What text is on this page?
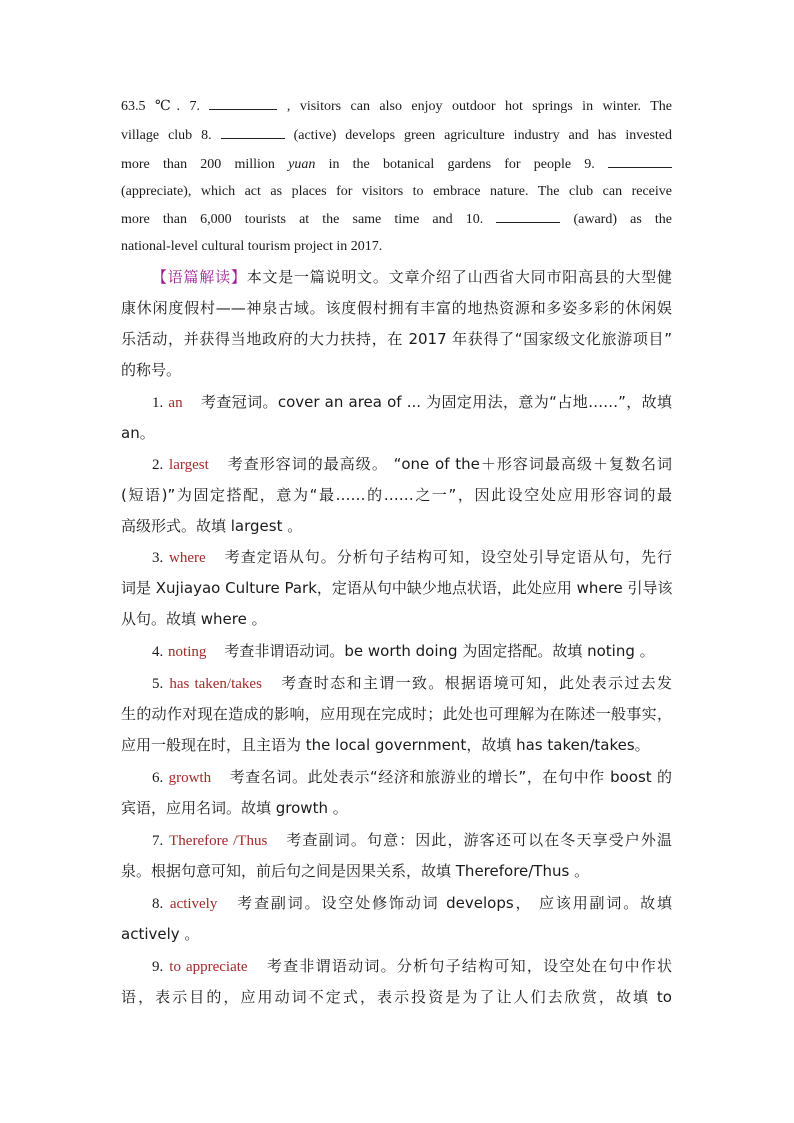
63.5 ℃. 7.	, visitors can also enjoy outdoor hot springs in winter. The
village club 8.	(active) develops green agriculture industry and has invested
more than 200 million yuan in the botanical gardens for people 9.
(appreciate), which act as places for visitors to embrace nature. The club can receive
more than 6,000 tourists at the same time and 10.	(award) as the
national-level cultural tourism project in 2017.
【语篇解读】本文是一篇说明文。文章介绍了山西省大同市阳高县的大型健
康休闲度假村——神泉古域。该度假村拥有丰富的地热资源和多姿多彩的休闲娱
乐活动，并获得当地政府的大力扶持，在 2017 年获得了“国家级文化旅游项目”
的称号。
1. an 考查冠词。cover an area of ... 为固定用法，意为“占地……”，故填
an。
2. largest 考查形容词的最高级。 “one of the＋形容词最高级＋复数名词
(短语)”为固定搭配，意为“最……的……之一”，因此设空处应用形容词的最
高级形式。故填 largest 。
3. where 考查定语从句。分析句子结构可知，设空处引导定语从句，先行
词是 Xujiayao Culture Park，定语从句中缺少地点状语，此处应用 where 引导该
从句。故填 where 。
4. noting 考查非谓语动词。be worth doing 为固定搭配。故填 noting 。
5. has taken/takes 考查时态和主谓一致。根据语境可知，此处表示过去发
生的动作对现在造成的影响，应用现在完成时；此处也可理解为在陈述一般事实，
应用一般现在时，且主语为 the local government，故填 has taken/takes。
6. growth 考查名词。此处表示“经济和旅游业的增长”，在句中作 boost 的
宾语，应用名词。故填 growth 。
7. Therefore /Thus 考查副词。句意：因此，游客还可以在冬天享受户外温
泉。根据句意可知，前后句之间是因果关系，故填 Therefore/Thus 。
8. actively 考查副词。设空处修饰动词 develops， 应该用副词。故填
actively 。
9. to appreciate 考查非谓语动词。分析句子结构可知，设空处在句中作状
语，表示目的，应用动词不定式，表示投资是为了让人们去欣赏，故填 to
